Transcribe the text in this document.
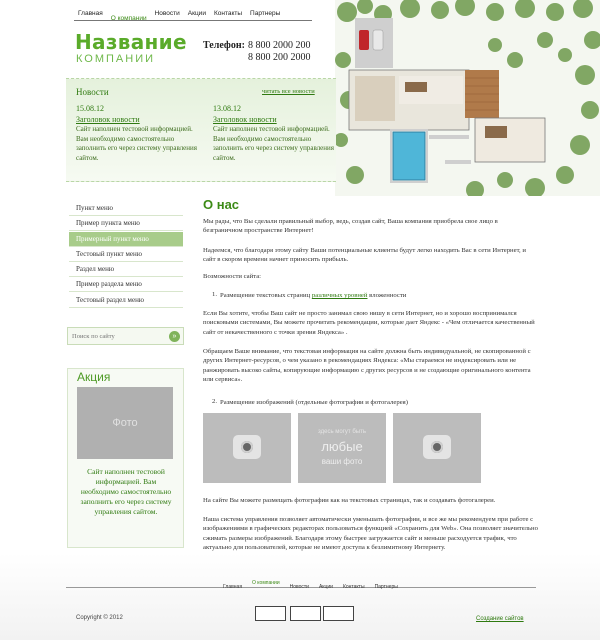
Главная
О компании
Новости	Акции	Контакты	Партнеры
Название
КОМПАНИИ
Телефон: 8 800 2000 200
8 800 200 2000
Новости	читать все новости
15.08.12
Заголовок новости
Сайт наполнен тестовой информацией. Вам необходимо самостоятельно заполнить его через систему управления сайтом.
13.08.12
Заголовок новости
Сайт наполнен тестовой информацией. Вам необходимо самостоятельно заполнить его через систему управления сайтом.
Пункт меню
Пример пункта меню
Примерный пункт меню
Тестовый пункт меню
Раздел меню
Пример раздела меню
Тестовый раздел меню
Поиск по сайту
»
Акция
Фото
Сайт наполнен тестовой информацией. Вам необходимо самостоятельно заполнить его через систему управления сайтом.
О нас

Мы рады, что Вы сделали правильный выбор, ведь, создав сайт, Ваша компания приобрела свое лицо в безграничном пространстве Интернет!

Надеемся, что благодаря этому сайту Ваши потенциальные клиенты будут легко находить Вас в сети Интернет, и сайт в скором времени начнет приносить прибыль.

Возможности сайта:

1. Размещение текстовых страниц различных уровней вложенности

Если Вы хотите, чтобы Ваш сайт не просто занимал свою нишу в сети Интернет, но и хорошо воспринимался поисковыми системами, Вы можете прочитать рекомендации, которые дает Яндекс - «Чем отличается качественный сайт от некачественного с точки зрения Яндекса» .

Обращаем Ваше внимание, что текстовая информация на сайте должна быть индивидуальной, не скопированной с других Интернет-ресурсов, о чем указано в рекомендациях Яндекса: «Мы стараемся не индексировать или не ранжировать высоко сайты, копирующие информацию с других ресурсов и не создающие оригинального контента или сервиса».

2. Размещение изображений (отдельные фотографии и фотогалерея)

здесь могут быть
любые
ваши фото

На сайте Вы можете размещать фотографии как на текстовых страницах, так и создавать фотогалереи.

Наша система управления позволяет автоматически уменьшать фотографии, и все же мы рекомендуем при работе с изображениями в графических редакторах пользоваться функцией «Сохранить для Web». Она позволяет значительно сжимать размеры изображений. Благодаря этому быстрее загружается сайт и меньше расходуется трафик, что актуально для пользователей, которые не имеют доступа к безлимитному Интернету.

Главная
О компании
Новости	Акции	Контакты	Партнеры
Copyright © 2012	Создание сайтов
